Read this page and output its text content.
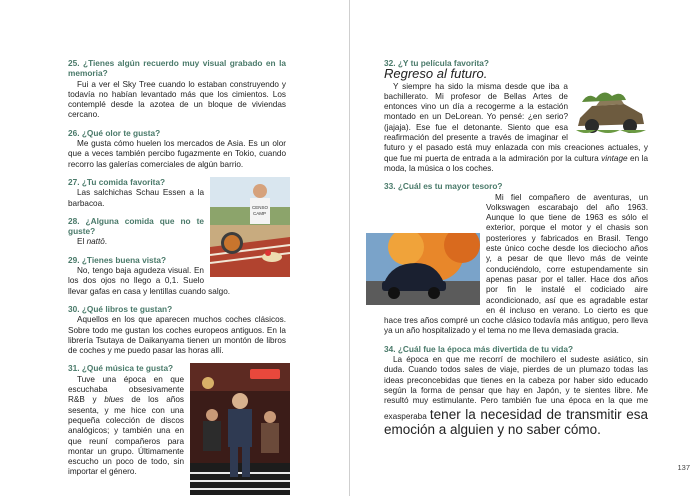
25. ¿Tienes algún recuerdo muy visual grabado en la memoria?

Fui a ver el Sky Tree cuando lo estaban construyendo y todavía no habían levantado más que los cimientos. Los contemplé desde la azotea de un bloque de viviendas cercano.

26. ¿Qué olor te gusta?

Me gusta cómo huelen los mercados de Asia. Es un olor que a veces también percibo fugazmente en Tokio, cuando recorro las galerías comerciales de algún barrio.

CENSO
CAMP

27. ¿Tu comida favorita?

Las salchichas Schau Essen a la barbacoa.

28. ¿Alguna comida que no te guste?

El nattō.

29. ¿Tienes buena vista?

No, tengo baja agudeza visual. En los dos ojos no llego a 0,1. Suelo llevar gafas en casa y lentillas cuando salgo.

30. ¿Qué libros te gustan?

Aquellos en los que aparecen muchos coches clásicos. Sobre todo me gustan los coches europeos antiguos. En la librería Tsutaya de Daikanyama tienen un montón de libros de coches y me puedo pasar las horas allí.

31. ¿Qué música te gusta?

Tuve una época en que escuchaba obsesivamente R&B y blues de los años sesenta, y me hice con una pequeña colección de discos analógicos; y también una en que reuní compañeros para montar un grupo. Últimamente escucho un poco de todo, sin importar el género.

32. ¿Y tu película favorita?

Regreso al futuro.

Y siempre ha sido la misma desde que iba a bachillerato. Mi profesor de Bellas Artes de entonces vino un día a recogerme a la estación montado en un DeLorean. Yo pensé: ¿en serio? (jajaja). Ese fue el detonante. Siento que esa reafirmación del presente a través de imaginar el futuro y el pasado está muy enlazada con mis creaciones actuales, y que fue mi puerta de entrada a la admiración por la cultura vintage en la moda, la música o los coches.

33. ¿Cuál es tu mayor tesoro?

Mi fiel compañero de aventuras, un Volkswagen escarabajo del año 1963. Aunque lo que tiene de 1963 es sólo el exterior, porque el motor y el chasis son posteriores y fabricados en Brasil. Tengo este único coche desde los dieciocho años y, a pesar de que llevo más de veinte conduciéndolo, corre estupendamente sin apenas pasar por el taller. Hace dos años por fin le instalé el codiciado aire acondicionado, así que es agradable estar en él incluso en verano. Lo cierto es que hace tres años compré un coche clásico todavía más antiguo, pero lleva ya un año hospitalizado y el tema no me lleva demasiada gracia.

34. ¿Cuál fue la época más divertida de tu vida?

La época en que me recorrí de mochilero el sudeste asiático, sin duda. Cuando todos sales de viaje, pierdes de un plumazo todas las ideas preconcebidas que tienes en la cabeza por haber sido educado según la forma de pensar que hay en Japón, y te sientes libre. Me resultó muy estimulante. Pero también fue una época en la que me exasperaba tener la necesidad de transmitir esa emoción a alguien y no saber cómo.

137
